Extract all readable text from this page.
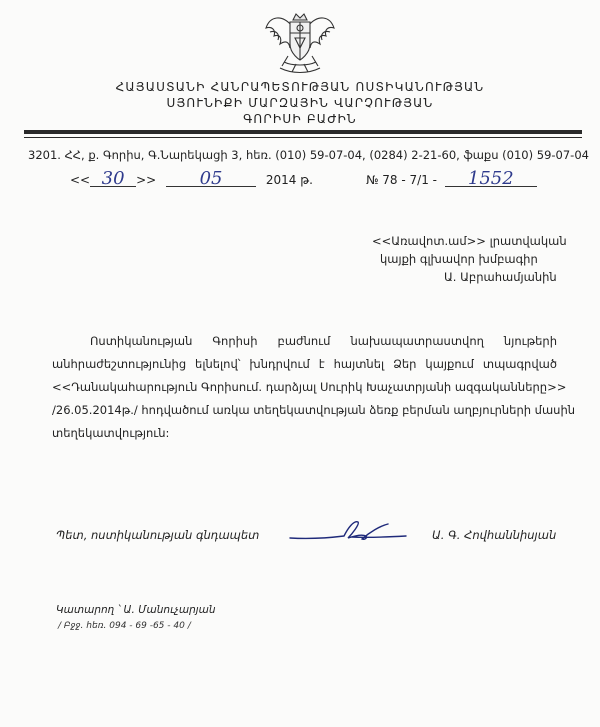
ՀԱՅԱՍՏԱՆԻ ՀԱՆՐԱՊԵՏՈՒԹՅԱՆ ՈՍՏԻԿԱՆՈՒԹՅԱՆ
ՍՅՈՒՆԻՔԻ ՄԱՐԶԱՅԻՆ ՎԱՐՉՈՒԹՅԱՆ
ԳՈՐԻՍԻ ԲԱԺԻՆ
3201. ՀՀ, ք. Գորիս, Գ.Նարեկացի 3, հեռ. (010) 59-07-04, (0284) 2-21-60, ֆաքս (010) 59-07-04
<< 30 >> 05	2014 թ.	№ 78 - 7/1 - 1552
<<Առավոտ.ամ>> լրատվական
կայքի գլխավոր խմբագիր
Ա. Աբրահամյանին
Ոստիկանության Գորիսի բաժնում նախապատրաստվող նյութերի
անհրաժեշտությունից ելնելով՝ խնդրվում է հայտնել Ձեր կայքում տպագրված
<<Դանակահարություն Գորիսում. դարձյալ Սուրիկ Խաչատրյանի ազգականները>>
/26.05.2014թ./ հոդվածում առկա տեղեկատվության ձեռք բերման աղբյուրների մասին
տեղեկատվություն:
Պետ, ոստիկանության գնդապետ	Ա. Գ. Հովհաննիսյան
Կատարող ՝ Ա. Մանուչարյան
/ Բջջ. հեռ. 094 - 69 -65 - 40 /
